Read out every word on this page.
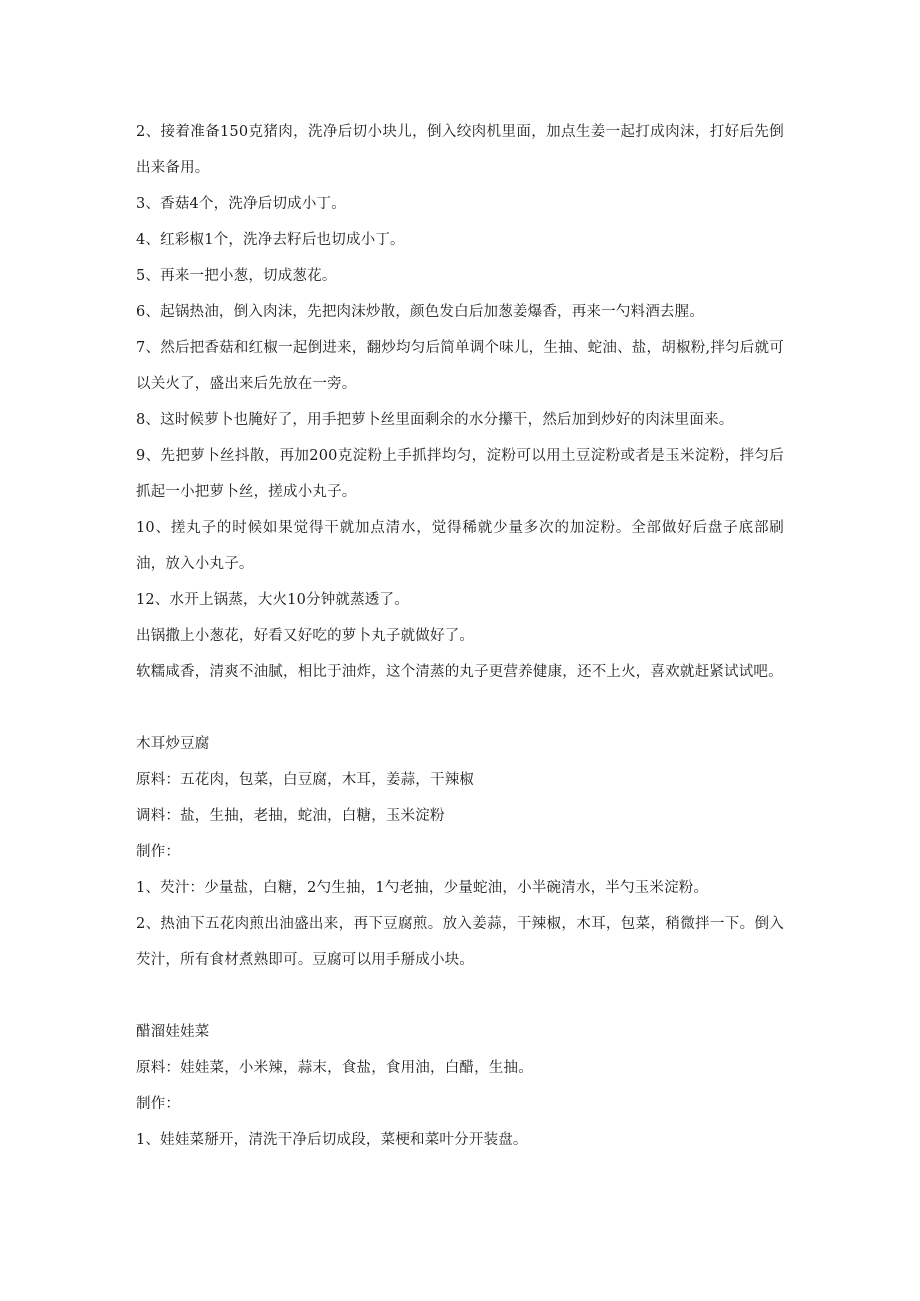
2、接着准备150克猪肉，洗净后切小块儿，倒入绞肉机里面，加点生姜一起打成肉沫，打好后先倒出来备用。

3、香菇4个，洗净后切成小丁。

4、红彩椒1个，洗净去籽后也切成小丁。

5、再来一把小葱，切成葱花。

6、起锅热油，倒入肉沫，先把肉沫炒散，颜色发白后加葱姜爆香，再来一勺料酒去腥。

7、然后把香菇和红椒一起倒进来，翻炒均匀后简单调个味儿，生抽、蛇油、盐，胡椒粉,拌匀后就可以关火了，盛出来后先放在一旁。

8、这时候萝卜也腌好了，用手把萝卜丝里面剩余的水分攥干，然后加到炒好的肉沫里面来。

9、先把萝卜丝抖散，再加200克淀粉上手抓拌均匀，淀粉可以用土豆淀粉或者是玉米淀粉，拌匀后抓起一小把萝卜丝，搓成小丸子。

10、搓丸子的时候如果觉得干就加点清水，觉得稀就少量多次的加淀粉。全部做好后盘子底部刷油，放入小丸子。

12、水开上锅蒸，大火10分钟就蒸透了。

出锅撒上小葱花，好看又好吃的萝卜丸子就做好了。

软糯咸香，清爽不油腻，相比于油炸，这个清蒸的丸子更营养健康，还不上火，喜欢就赶紧试试吧。

木耳炒豆腐

原料：五花肉，包菜，白豆腐，木耳，姜蒜，干辣椒

调料：盐，生抽，老抽，蛇油，白糖，玉米淀粉

制作：

1、芡汁：少量盐，白糖，2勺生抽，1勺老抽，少量蛇油，小半碗清水，半勺玉米淀粉。

2、热油下五花肉煎出油盛出来，再下豆腐煎。放入姜蒜，干辣椒，木耳，包菜，稍微拌一下。倒入芡汁，所有食材煮熟即可。豆腐可以用手掰成小块。

醋溜娃娃菜

原料：娃娃菜，小米辣，蒜末，食盐，食用油，白醋，生抽。

制作：

1、娃娃菜掰开，清洗干净后切成段，菜梗和菜叶分开装盘。
